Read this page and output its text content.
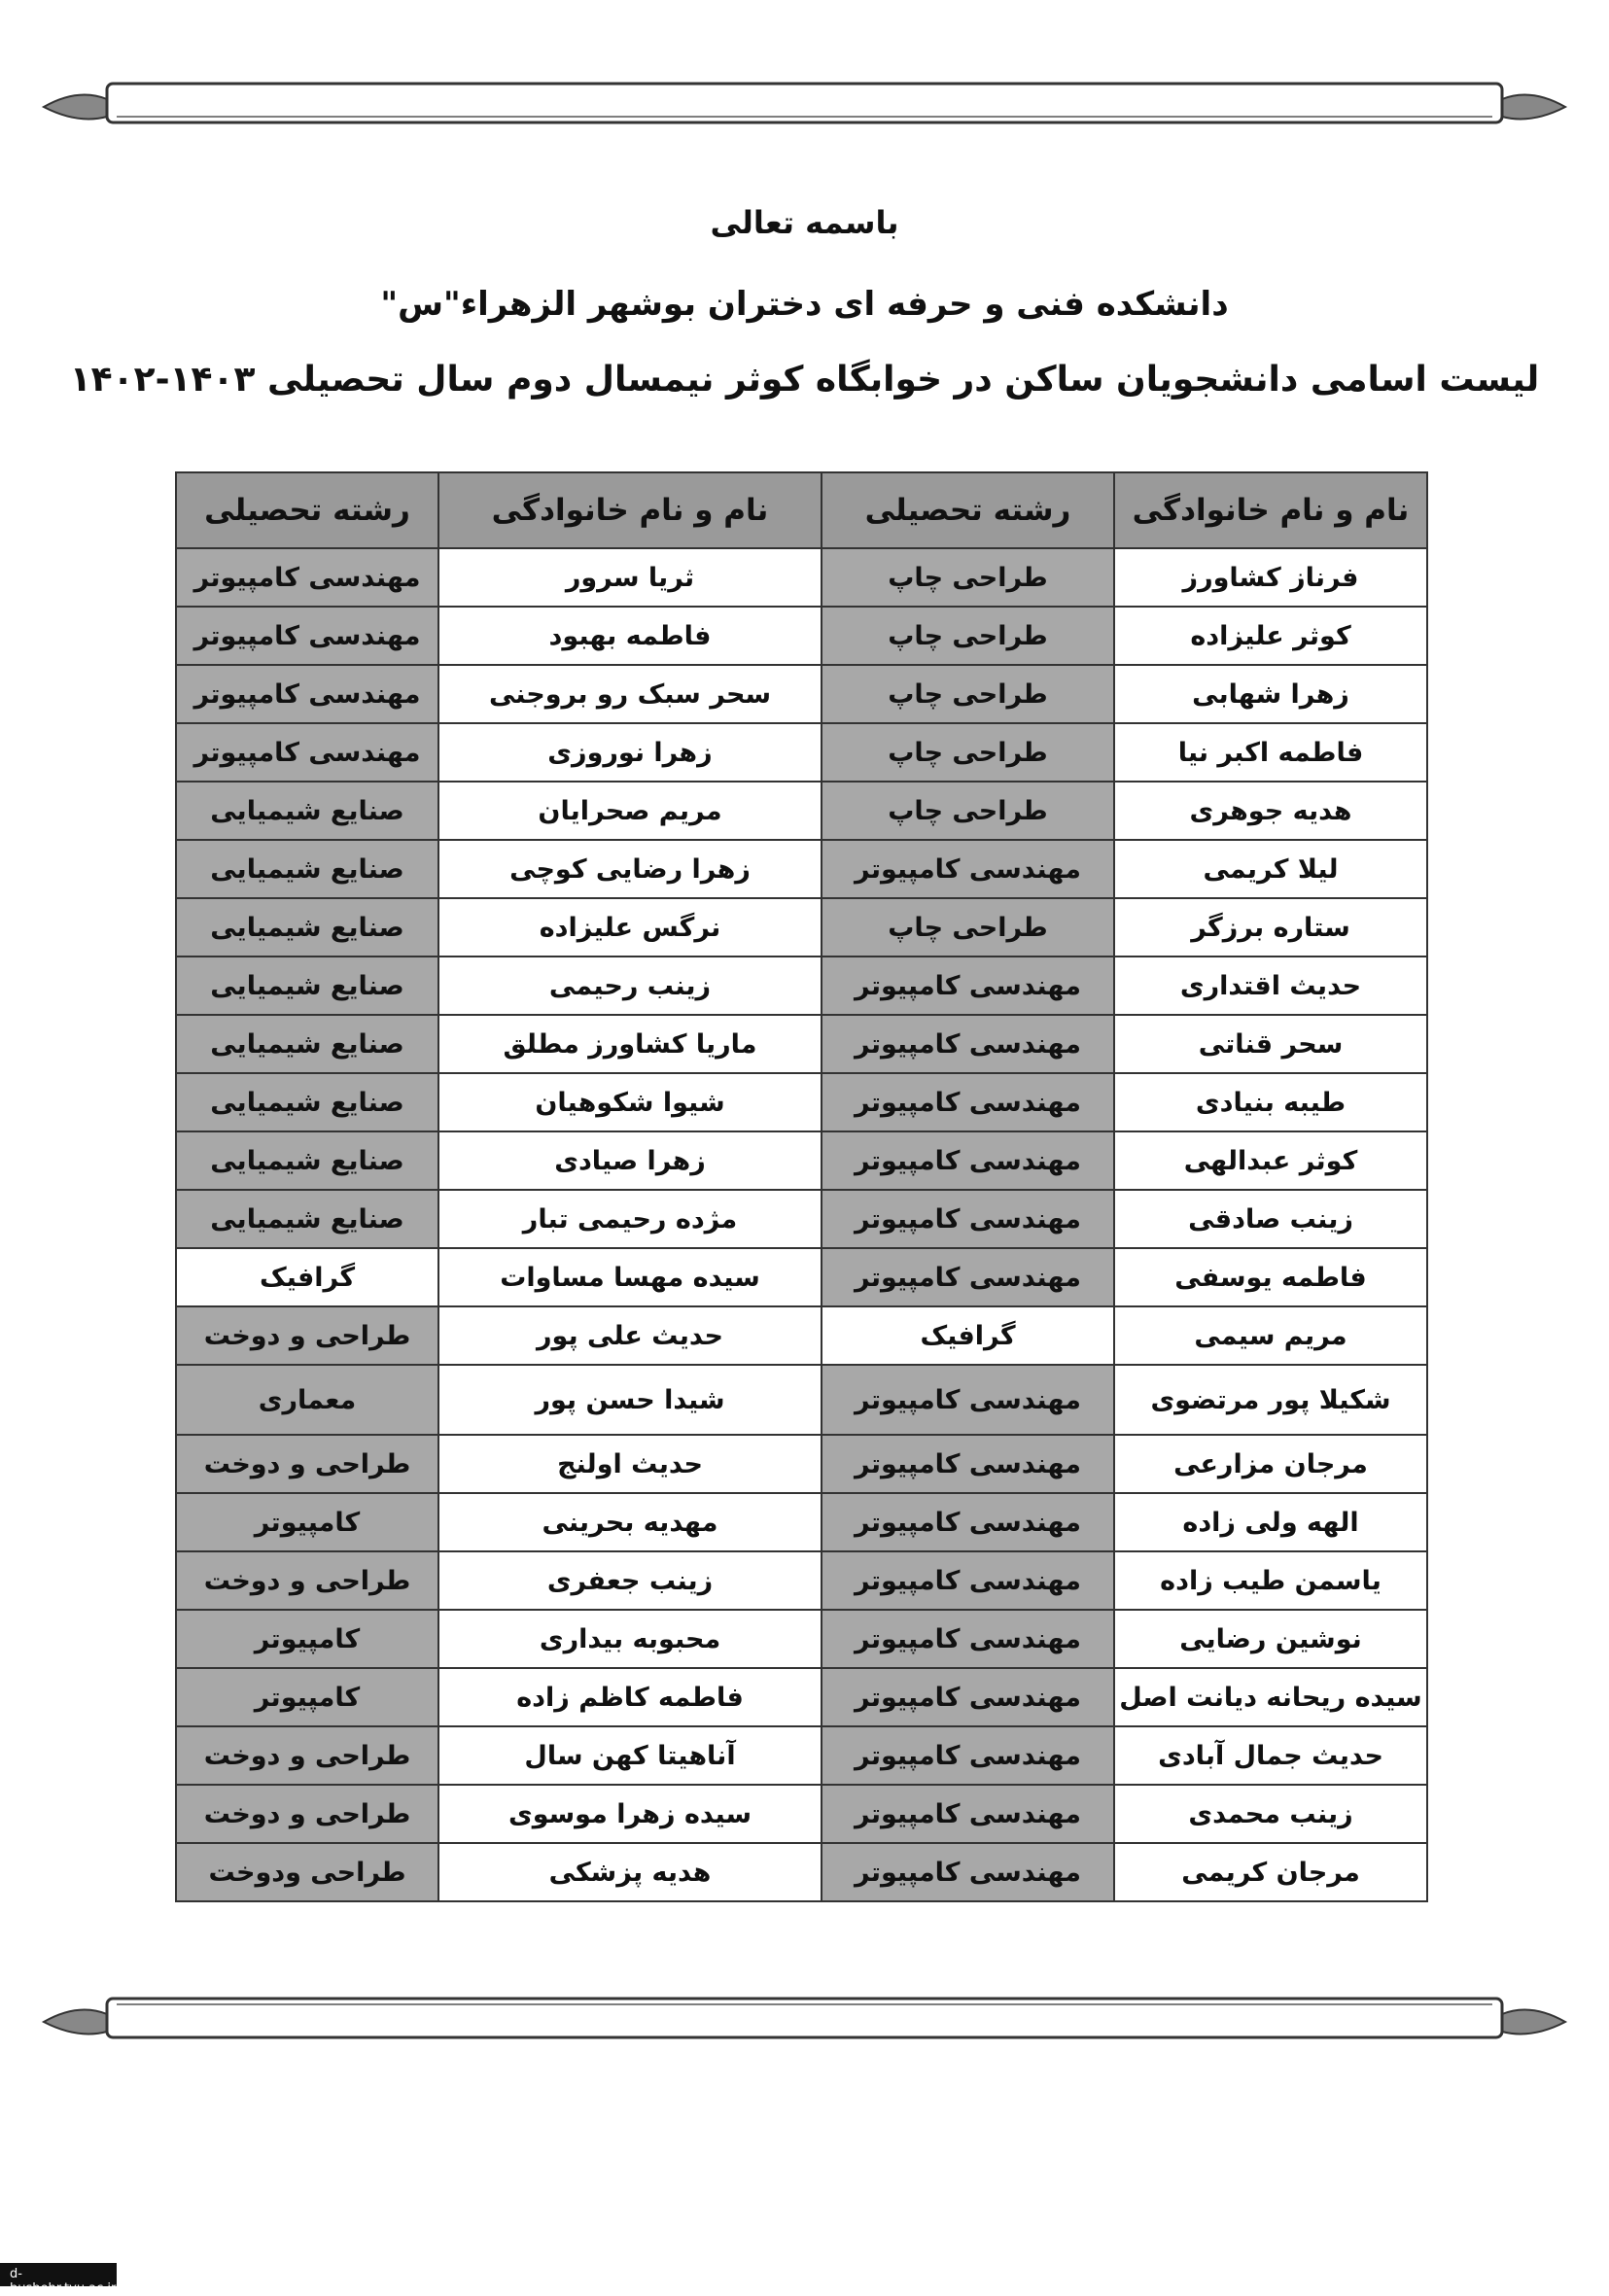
باسمه تعالی
دانشکده فنی و حرفه ای دختران بوشهر الزهراء"س"
لیست اسامی دانشجویان ساکن در خوابگاه کوثر نیمسال دوم سال تحصیلی ۱۴۰۳-۱۴۰۲
نام و نام خانوادگی	رشته تحصیلی	نام و نام خانوادگی	رشته تحصیلی
فرناز کشاورز	طراحی چاپ	ثریا سرور	مهندسی کامپیوتر
کوثر علیزاده	طراحی چاپ	فاطمه بهبود	مهندسی کامپیوتر
زهرا شهابی	طراحی چاپ	سحر سبک رو بروجنی	مهندسی کامپیوتر
فاطمه اکبر نیا	طراحی چاپ	زهرا نوروزی	مهندسی کامپیوتر
هدیه جوهری	طراحی چاپ	مریم صحرایان	صنایع شیمیایی
لیلا کریمی	مهندسی کامپیوتر	زهرا رضایی کوچی	صنایع شیمیایی
ستاره برزگر	طراحی چاپ	نرگس علیزاده	صنایع شیمیایی
حدیث اقتداری	مهندسی کامپیوتر	زینب رحیمی	صنایع شیمیایی
سحر قناتی	مهندسی کامپیوتر	ماریا کشاورز مطلق	صنایع شیمیایی
طیبه بنیادی	مهندسی کامپیوتر	شیوا شکوهیان	صنایع شیمیایی
کوثر عبدالهی	مهندسی کامپیوتر	زهرا صیادی	صنایع شیمیایی
زینب صادقی	مهندسی کامپیوتر	مژده رحیمی تبار	صنایع شیمیایی
فاطمه یوسفی	مهندسی کامپیوتر	سیده مهسا مساوات	گرافیک
مریم سیمی	گرافیک	حدیث علی پور	طراحی و دوخت
شکیلا پور مرتضوی	مهندسی کامپیوتر	شیدا حسن پور	معماری
مرجان مزارعی	مهندسی کامپیوتر	حدیث اولنج	طراحی و دوخت
الهه ولی زاده	مهندسی کامپیوتر	مهدیه بحرینی	کامپیوتر
یاسمن طیب زاده	مهندسی کامپیوتر	زینب جعفری	طراحی و دوخت
نوشین رضایی	مهندسی کامپیوتر	محبوبه بیداری	کامپیوتر
سیده ریحانه دیانت اصل	مهندسی کامپیوتر	فاطمه کاظم زاده	کامپیوتر
حدیث جمال آبادی	مهندسی کامپیوتر	آناهیتا کهن سال	طراحی و دوخت
زینب محمدی	مهندسی کامپیوتر	سیده زهرا موسوی	طراحی و دوخت
مرجان کریمی	مهندسی کامپیوتر	هدیه پزشکی	طراحی ودوخت
d-bushehr.tvu.ac.ir
